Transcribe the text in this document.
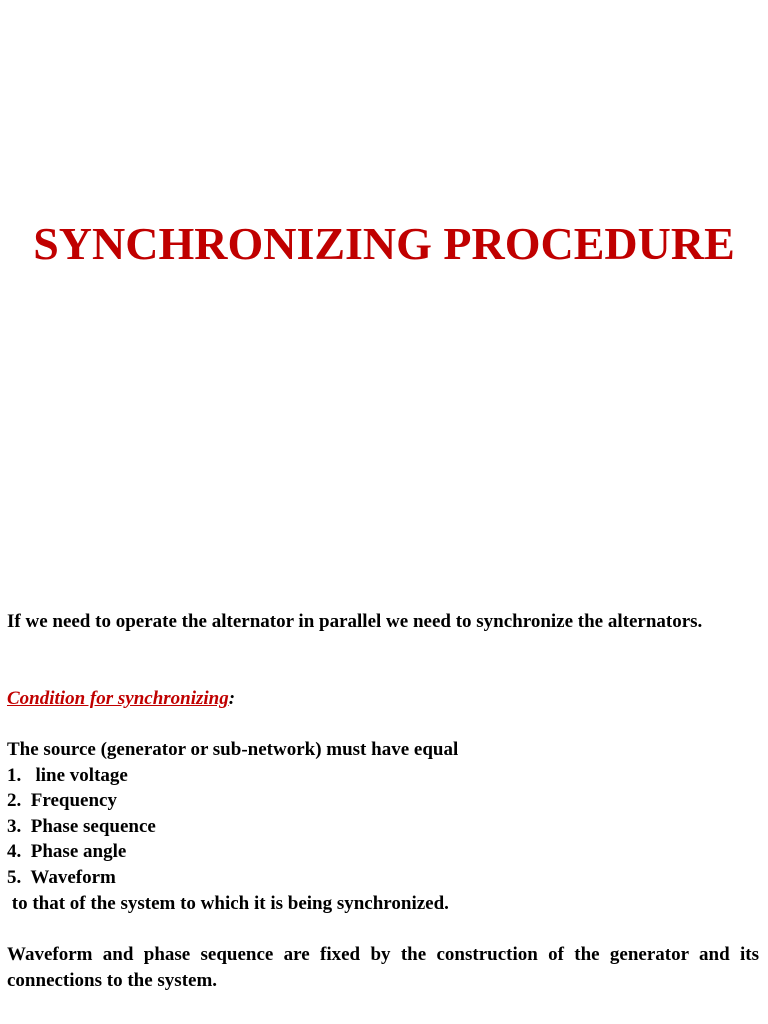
SYNCHRONIZING PROCEDURE

If we need to operate the alternator in parallel we need to synchronize the alternators.

Condition for synchronizing:

The source (generator or sub-network) must have equal
1.   line voltage
2.  Frequency
3.  Phase sequence
4.  Phase angle
5.  Waveform
to that of the system to which it is being synchronized.

Waveform and phase sequence are fixed by the construction of the generator and its connections to the system.
